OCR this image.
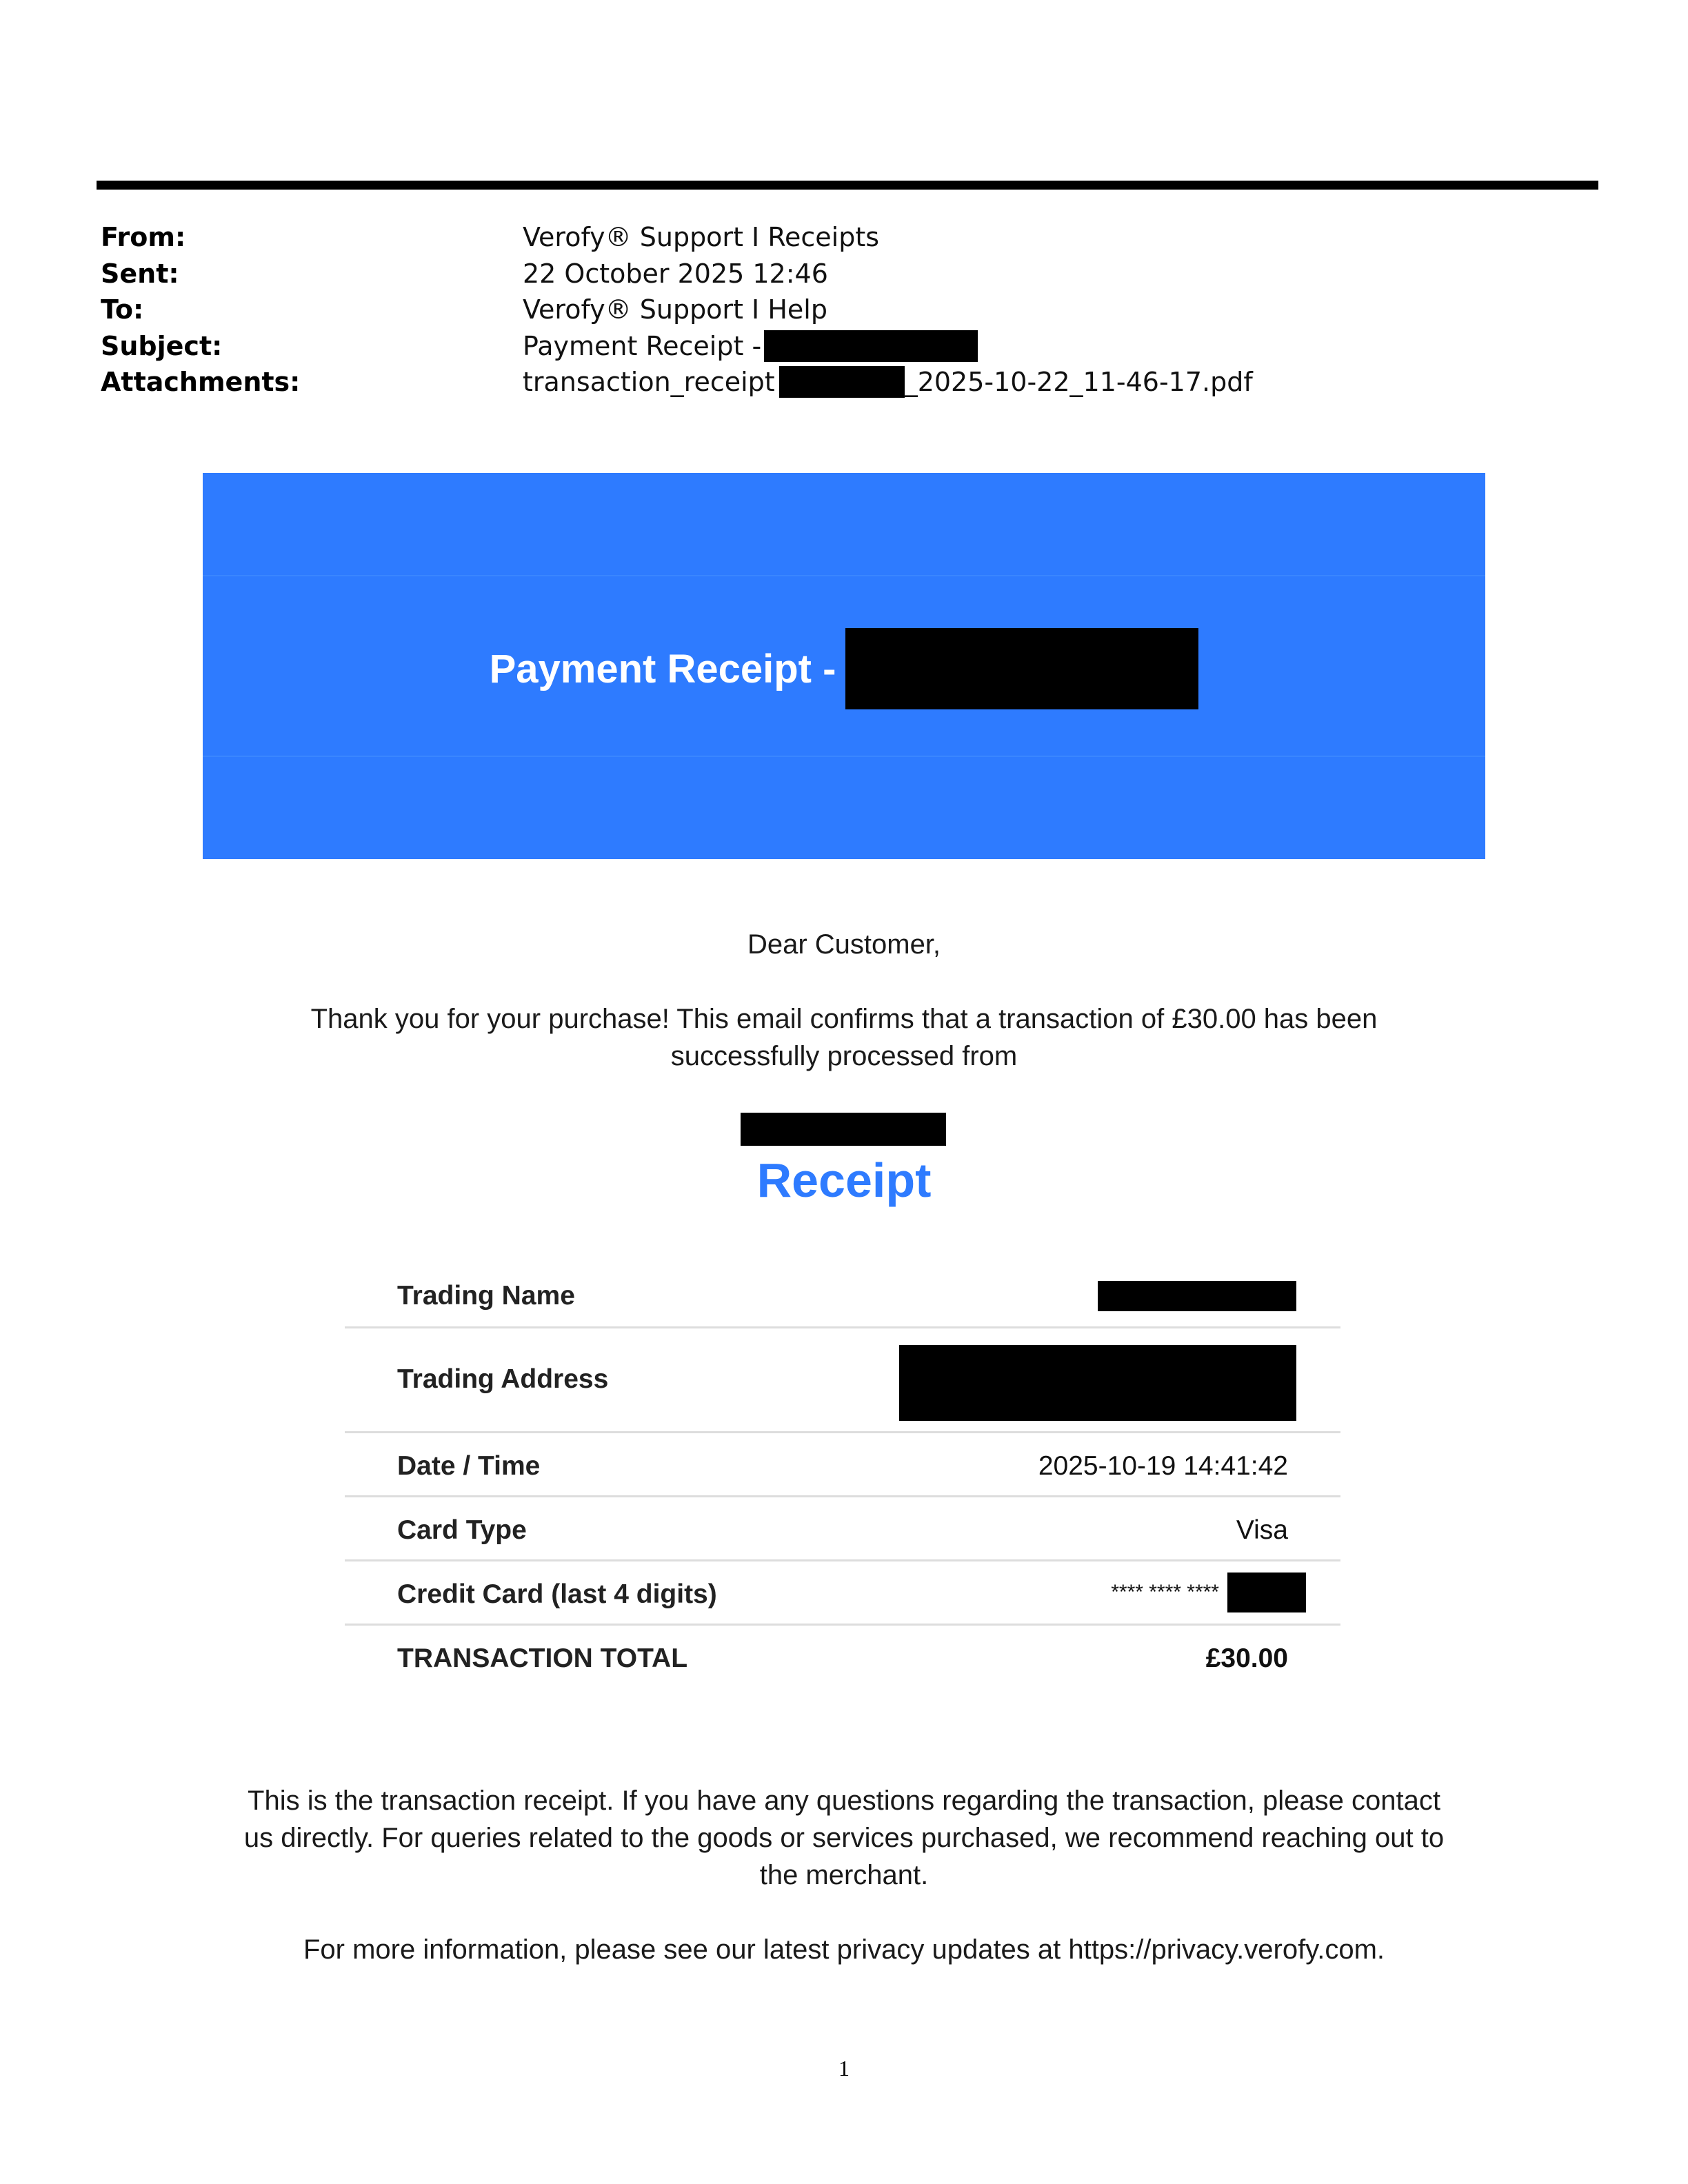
From:	Verofy® Support I Receipts
Sent:	22 October 2025 12:46
To:	Verofy® Support I Help
Subject:	Payment Receipt -
Attachments:	transaction_receipt	_2025-10-22_11-46-17.pdf
Payment Receipt -
Dear Customer,
Thank you for your purchase! This email confirms that a transaction of £30.00 has been
successfully processed from
Receipt
Trading Name
Trading Address
Date / Time	2025-10-19 14:41:42
Card Type	Visa
Credit Card (last 4 digits)	**** **** ****
TRANSACTION TOTAL	£30.00
This is the transaction receipt. If you have any questions regarding the transaction, please contact
us directly. For queries related to the goods or services purchased, we recommend reaching out to
the merchant.
For more information, please see our latest privacy updates at https://privacy.verofy.com.
1
